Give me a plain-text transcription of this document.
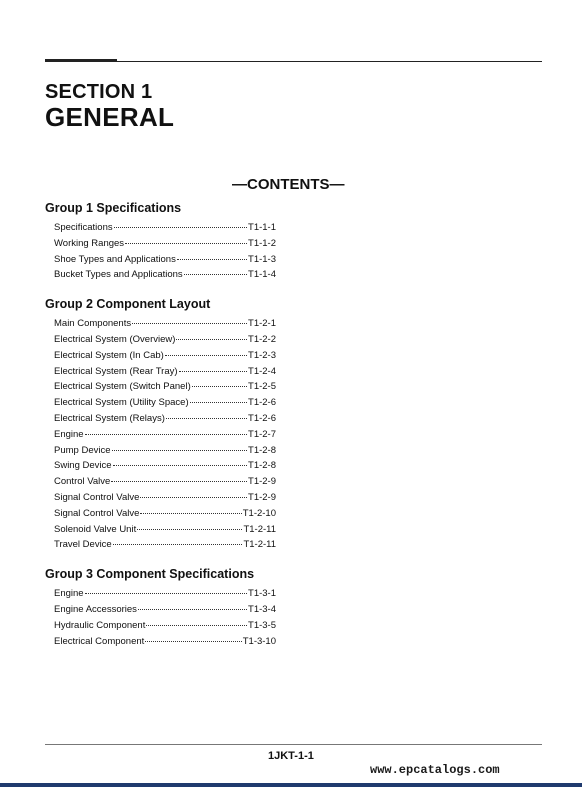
SECTION 1
GENERAL
—CONTENTS—
Group 1 Specifications
Specifications	T1-1-1
Working Ranges	T1-1-2
Shoe Types and Applications	T1-1-3
Bucket Types and Applications	T1-1-4
Group 2 Component Layout
Main Components	T1-2-1
Electrical System (Overview)	T1-2-2
Electrical System (In Cab)	T1-2-3
Electrical System (Rear Tray)	T1-2-4
Electrical System (Switch Panel)	T1-2-5
Electrical System (Utility Space)	T1-2-6
Electrical System (Relays)	T1-2-6
Engine	T1-2-7
Pump Device	T1-2-8
Swing Device	T1-2-8
Control Valve	T1-2-9
Signal Control Valve	T1-2-9
Signal Control Valve	T1-2-10
Solenoid Valve Unit	T1-2-11
Travel Device	T1-2-11
Group 3 Component Specifications
Engine	T1-3-1
Engine Accessories	T1-3-4
Hydraulic Component	T1-3-5
Electrical Component	T1-3-10
1JKT-1-1
www.epcatalogs.com
